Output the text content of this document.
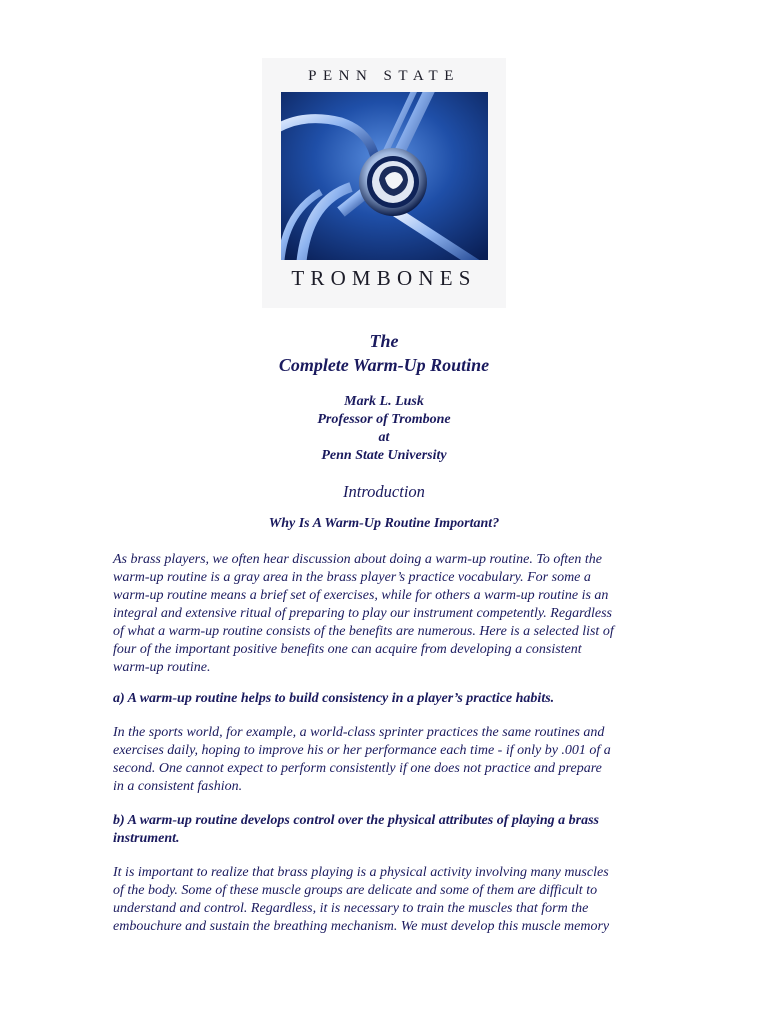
PENN STATE
TROMBONES
The
Complete Warm-Up Routine
Mark L. Lusk
Professor of Trombone
at
Penn State University
Introduction
Why Is A Warm-Up Routine Important?
As brass players, we often hear discussion about doing a warm-up routine. To often the
warm-up routine is a gray area in the brass player’s practice vocabulary. For some a
warm-up routine means a brief set of exercises, while for others a warm-up routine is an
integral and extensive ritual of preparing to play our instrument competently. Regardless
of what a warm-up routine consists of the benefits are numerous. Here is a selected list of
four of the important positive benefits one can acquire from developing a consistent
warm-up routine.
a) A warm-up routine helps to build consistency in a player’s practice habits.
In the sports world, for example, a world-class sprinter practices the same routines and
exercises daily, hoping to improve his or her performance each time - if only by .001 of a
second. One cannot expect to perform consistently if one does not practice and prepare
in a consistent fashion.
b) A warm-up routine develops control over the physical attributes of playing a brass
instrument.
It is important to realize that brass playing is a physical activity involving many muscles
of the body. Some of these muscle groups are delicate and some of them are difficult to
understand and control. Regardless, it is necessary to train the muscles that form the
embouchure and sustain the breathing mechanism. We must develop this muscle memory
